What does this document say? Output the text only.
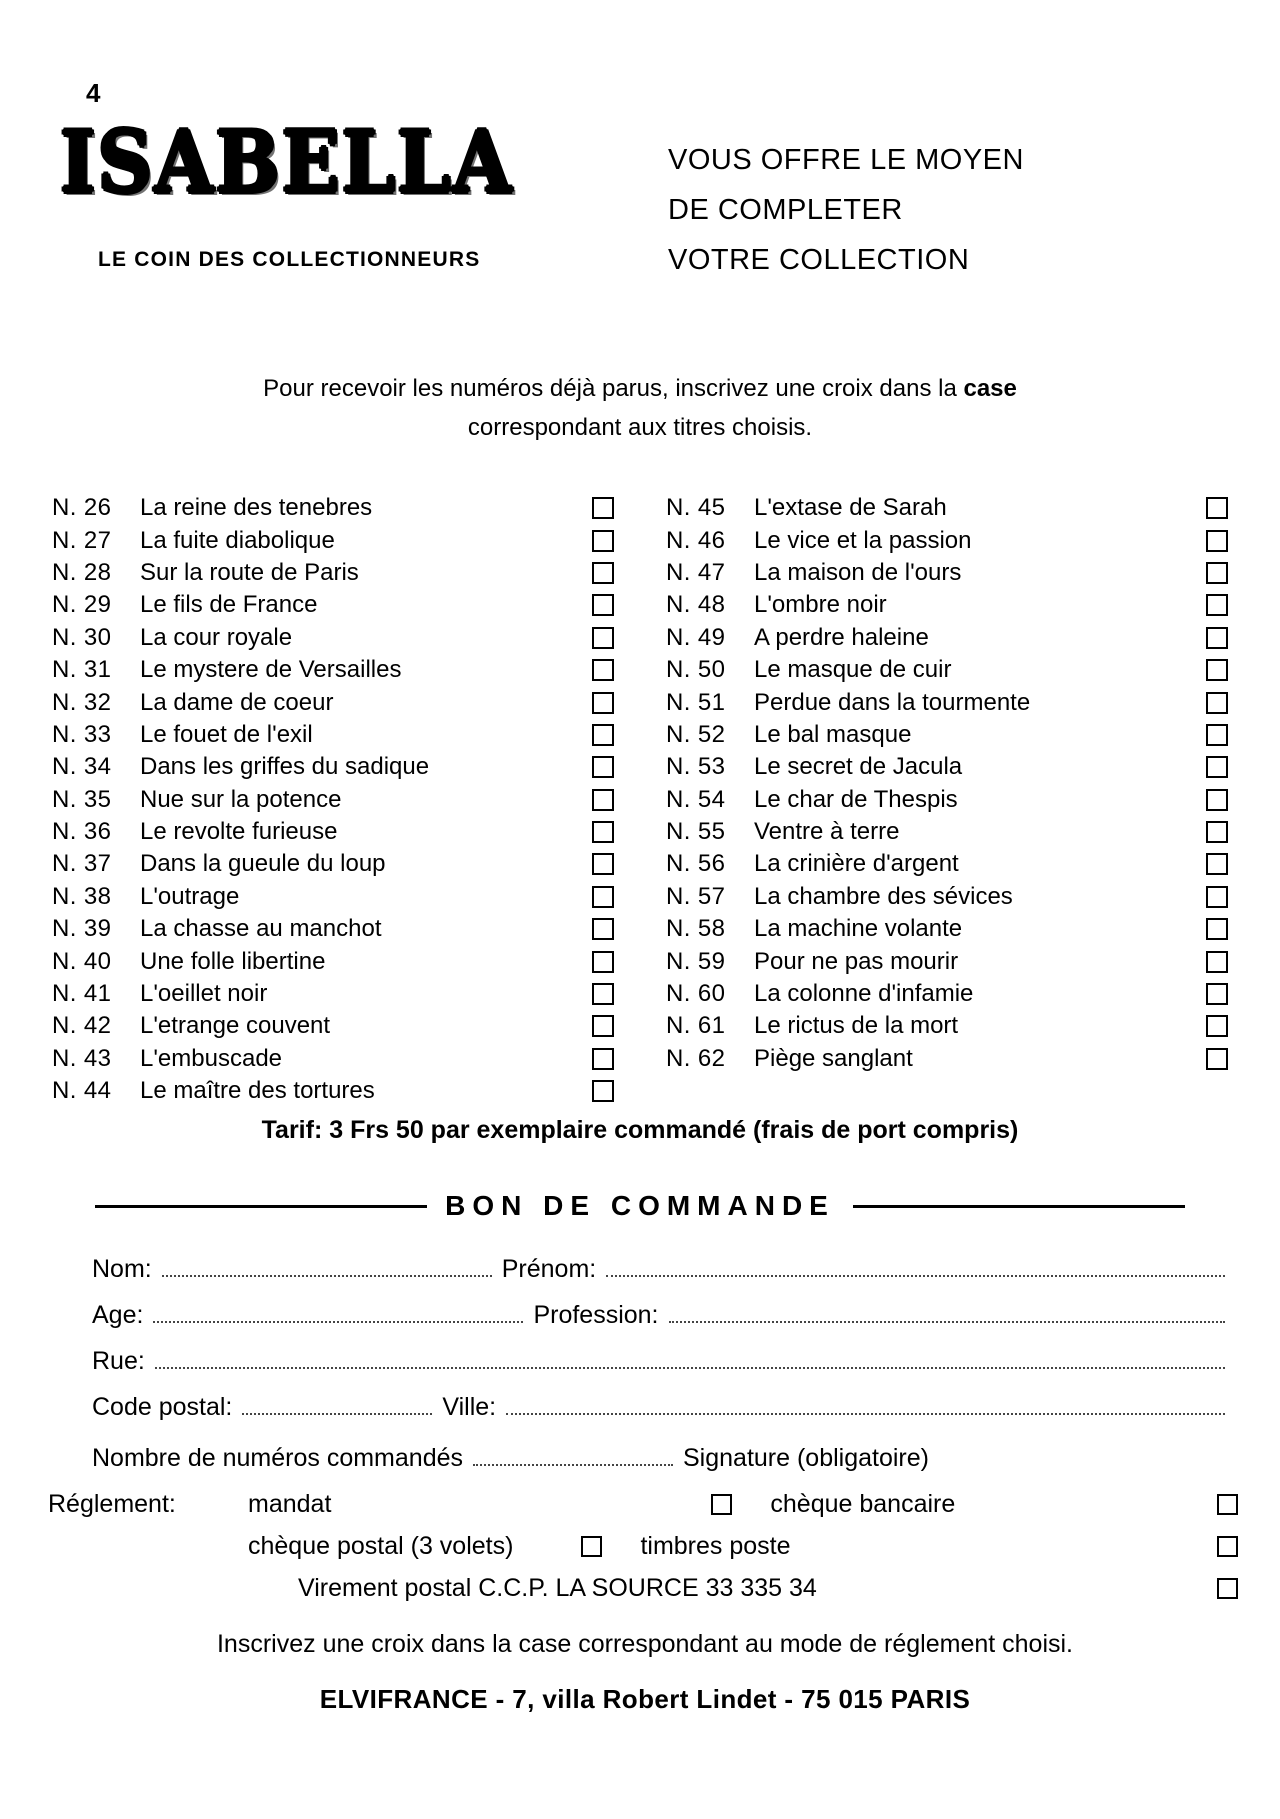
4
ISABELLA
LE COIN DES COLLECTIONNEURS
VOUS OFFRE LE MOYEN
DE COMPLETER
VOTRE COLLECTION
Pour recevoir les numéros déjà parus, inscrivez une croix dans la case
correspondant aux titres choisis.
N. 26	La reine des tenebres
N. 27	La fuite diabolique
N. 28	Sur la route de Paris
N. 29	Le fils de France
N. 30	La cour royale
N. 31	Le mystere de Versailles
N. 32	La dame de coeur
N. 33	Le fouet de l'exil
N. 34	Dans les griffes du sadique
N. 35	Nue sur la potence
N. 36	Le revolte furieuse
N. 37	Dans la gueule du loup
N. 38	L'outrage
N. 39	La chasse au manchot
N. 40	Une folle libertine
N. 41	L'oeillet noir
N. 42	L'etrange couvent
N. 43	L'embuscade
N. 44	Le maître des tortures
N. 45	L'extase de Sarah
N. 46	Le vice et la passion
N. 47	La maison de l'ours
N. 48	L'ombre noir
N. 49	A perdre haleine
N. 50	Le masque de cuir
N. 51	Perdue dans la tourmente
N. 52	Le bal masque
N. 53	Le secret de Jacula
N. 54	Le char de Thespis
N. 55	Ventre à terre
N. 56	La crinière d'argent
N. 57	La chambre des sévices
N. 58	La machine volante
N. 59	Pour ne pas mourir
N. 60	La colonne d'infamie
N. 61	Le rictus de la mort
N. 62	Piège sanglant
Tarif: 3 Frs 50 par exemplaire commandé (frais de port compris)
BON DE COMMANDE
Nom:	Prénom:
Age:	Profession:
Rue:
Code postal:	Ville:
Nombre de numéros commandés	Signature (obligatoire)
Réglement:	mandat	chèque bancaire
chèque postal (3 volets)	timbres poste
Virement postal C.C.P. LA SOURCE 33 335 34
Inscrivez une croix dans la case correspondant au mode de réglement choisi.
ELVIFRANCE - 7, villa Robert Lindet - 75 015 PARIS
